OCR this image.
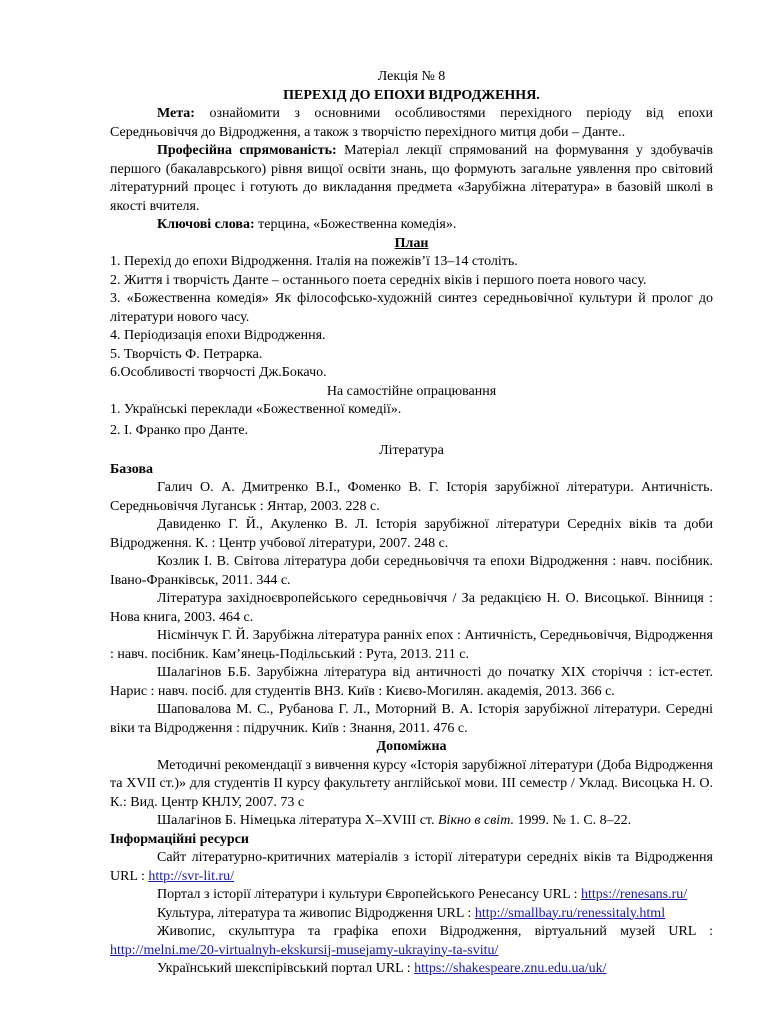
Лекція № 8

ПЕРЕХІД ДО ЕПОХИ ВІДРОДЖЕННЯ.

Мета: ознайомити з основними особливостями перехідного періоду від епохи Середньовіччя до Відродження, а також з творчістю перехідного митця доби – Данте..

Професійна спрямованість: Матеріал лекції спрямований на формування у здобувачів першого (бакалаврського) рівня вищої освіти знань, що формують загальне уявлення про світовий літературний процес і готують до викладання предмета «Зарубіжна література» в базовій школі в якості вчителя.

Ключові слова: терцина, «Божественна комедія».

План

1. Перехід до епохи Відродження. Італія на пожежів’ї 13–14 століть.

2. Життя і творчість Данте – останнього поета середніх віків і першого поета нового часу.

3. «Божественна комедія» Як філософсько-художній синтез середньовічної культури й пролог до літератури нового часу.

4. Періодизація епохи Відродження.

5. Творчість Ф. Петрарка.

6.Особливості творчості Дж.Бокачо.

На самостійне опрацювання

1. Українські переклади «Божественної комедії».

2. І. Франко про Данте.

Література

Базова

Галич О. А. Дмитренко В.І., Фоменко В. Г. Історія зарубіжної літератури. Античність. Середньовіччя Луганськ : Янтар, 2003. 228 с.

Давиденко Г. Й., Акуленко В. Л. Історія зарубіжної літератури Середніх віків та доби Відродження. К. : Центр учбової літератури, 2007. 248 с.

Козлик І. В. Світова література доби середньовіччя та епохи Відродження : навч. посібник. Івано-Франківськ, 2011. 344 с.

Література західноєвропейського середньовіччя / За редакцією Н. О. Висоцької. Вінниця : Нова книга, 2003. 464 с.

Нісмінчук Г. Й. Зарубіжна література ранніх епох : Античність, Середньовіччя, Відродження : навч. посібник. Кам’янець-Подільський : Рута, 2013. 211 с.

Шалагінов Б.Б. Зарубіжна література від античності до початку XIX сторіччя : іст-естет. Нарис : навч. посіб. для студентів ВНЗ. Київ : Києво-Могилян. академія, 2013. 366 с.

Шаповалова М. С., Рубанова Г. Л., Моторний В. А. Історія зарубіжної літератури. Середні віки та Відродження : підручник. Київ : Знання, 2011. 476 с.

Допоміжна

Методичні рекомендації з вивчення курсу «Історія зарубіжної літератури (Доба Відродження та XVII ст.)» для студентів ІІ курсу факультету англійської мови. ІІІ семестр / Уклад. Висоцька Н. О. К.: Вид. Центр КНЛУ, 2007. 73 с

Шалагінов Б. Німецька література X–XVIII ст. Вікно в світ. 1999. № 1. С. 8–22.

Інформаційні ресурси

Сайт літературно-критичних матеріалів з історії літератури середніх віків та Відродження URL : http://svr-lit.ru/

Портал з історії літератури і культури Європейського Ренесансу URL : https://renesans.ru/

Культура, література та живопис Відродження URL : http://smallbay.ru/renessitaly.html

Живопис, скульптура та графіка епохи Відродження, віртуальний музей URL : http://melni.me/20-virtualnyh-ekskursij-musejamy-ukrayiny-ta-svitu/

Український шекспірівський портал URL : https://shakespeare.znu.edu.ua/uk/
